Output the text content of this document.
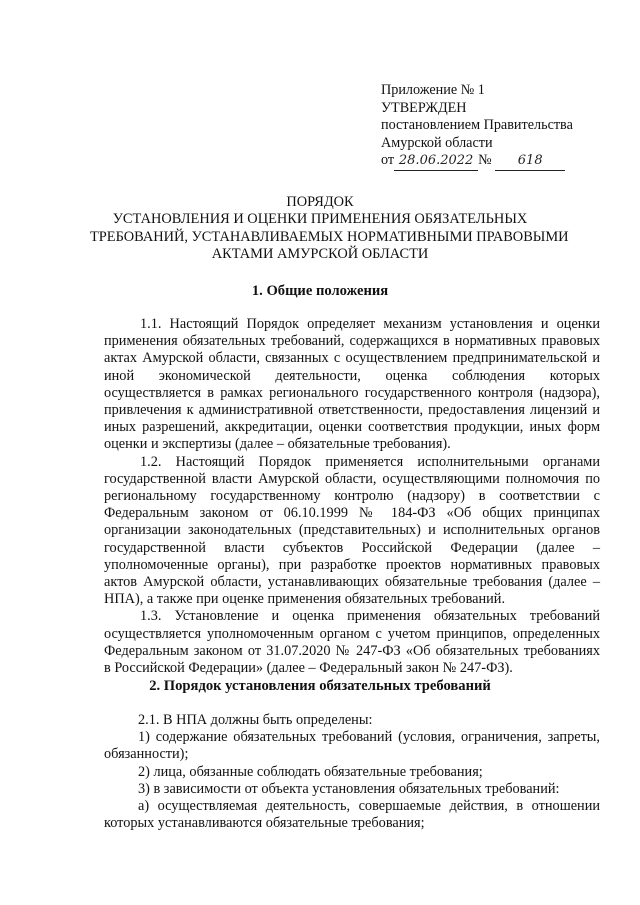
Приложение № 1
УТВЕРЖДЕН
постановлением Правительства
Амурской области
от 28.06.2022 № 618
ПОРЯДОК
УСТАНОВЛЕНИЯ И ОЦЕНКИ ПРИМЕНЕНИЯ ОБЯЗАТЕЛЬНЫХ
ТРЕБОВАНИЙ, УСТАНАВЛИВАЕМЫХ НОРМАТИВНЫМИ ПРАВОВЫМИ
АКТАМИ АМУРСКОЙ ОБЛАСТИ
1. Общие положения
1.1. Настоящий Порядок определяет механизм установления и оценки
применения обязательных требований, содержащихся в нормативных правовых
актах Амурской области, связанных с осуществлением предпринимательской и
иной экономической деятельности, оценка соблюдения которых
осуществляется в рамках регионального государственного контроля (надзора),
привлечения к административной ответственности, предоставления лицензий и
иных разрешений, аккредитации, оценки соответствия продукции, иных форм
оценки и экспертизы (далее – обязательные требования).
1.2. Настоящий Порядок применяется исполнительными органами
государственной власти Амурской области, осуществляющими полномочия по
региональному государственному контролю (надзору) в соответствии с
Федеральным законом от 06.10.1999 № 184-ФЗ «Об общих принципах
организации законодательных (представительных) и исполнительных органов
государственной власти субъектов Российской Федерации (далее –
уполномоченные органы), при разработке проектов нормативных правовых
актов Амурской области, устанавливающих обязательные требования (далее –
НПА), а также при оценке применения обязательных требований.
1.3. Установление и оценка применения обязательных требований
осуществляется уполномоченным органом с учетом принципов, определенных
Федеральным законом от 31.07.2020 № 247-ФЗ «Об обязательных требованиях
в Российской Федерации» (далее – Федеральный закон № 247-ФЗ).
2. Порядок установления обязательных требований
2.1. В НПА должны быть определены:
1) содержание обязательных требований (условия, ограничения, запреты,
обязанности);
2) лица, обязанные соблюдать обязательные требования;
3) в зависимости от объекта установления обязательных требований:
а) осуществляемая деятельность, совершаемые действия, в отношении
которых устанавливаются обязательные требования;
